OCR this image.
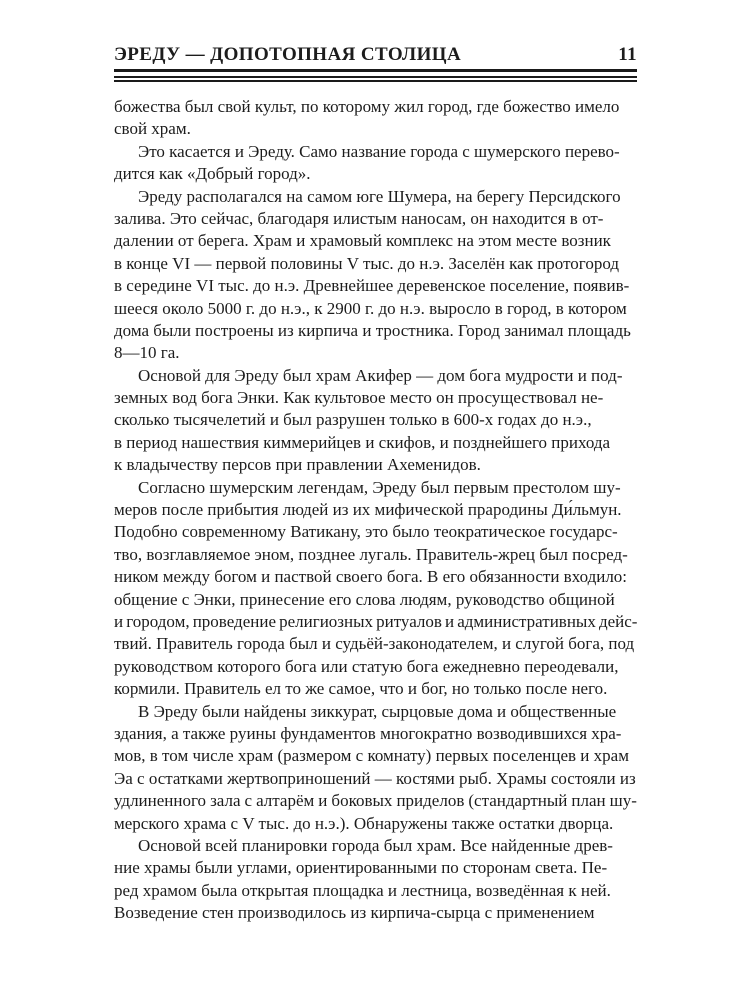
ЭРЕДУ — ДОПОТОПНАЯ СТОЛИЦА	11
божества был свой культ, по которому жил город, где божество имело
свой храм.
Это касается и Эреду. Само название города с шумерского перево-
дится как «Добрый город».
Эреду располагался на самом юге Шумера, на берегу Персидского
залива. Это сейчас, благодаря илистым наносам, он находится в от-
далении от берега. Храм и храмовый комплекс на этом месте возник
в конце VI — первой половины V тыс. до н.э. Заселён как протогород
в середине VI тыс. до н.э. Древнейшее деревенское поселение, появив-
шееся около 5000 г. до н.э., к 2900 г. до н.э. выросло в город, в котором
дома были построены из кирпича и тростника. Город занимал площадь
8—10 га.
Основой для Эреду был храм Акифер — дом бога мудрости и под-
земных вод бога Энки. Как культовое место он просуществовал не-
сколько тысячелетий и был разрушен только в 600-х годах до н.э.,
в период нашествия киммерийцев и скифов, и позднейшего прихода
к владычеству персов при правлении Ахеменидов.
Согласно шумерским легендам, Эреду был первым престолом шу-
меров после прибытия людей из их мифической прародины Ди́льмун.
Подобно современному Ватикану, это было теократическое государс-
тво, возглавляемое эном, позднее лугаль. Правитель-жрец был посред-
ником между богом и паствой своего бога. В его обязанности входило:
общение с Энки, принесение его слова людям, руководство общиной
и городом, проведение религиозных ритуалов и административных дейс-
твий. Правитель города был и судьёй-законодателем, и слугой бога, под
руководством которого бога или статую бога ежедневно переодевали,
кормили. Правитель ел то же самое, что и бог, но только после него.
В Эреду были найдены зиккурат, сырцовые дома и общественные
здания, а также руины фундаментов многократно возводившихся хра-
мов, в том числе храм (размером с комнату) первых поселенцев и храм
Эа с остатками жертвоприношений — костями рыб. Храмы состояли из
удлиненного зала с алтарём и боковых приделов (стандартный план шу-
мерского храма с V тыс. до н.э.). Обнаружены также остатки дворца.
Основой всей планировки города был храм. Все найденные древ-
ние храмы были углами, ориентированными по сторонам света. Пе-
ред храмом была открытая площадка и лестница, возведённая к ней.
Возведение стен производилось из кирпича-сырца с применением
